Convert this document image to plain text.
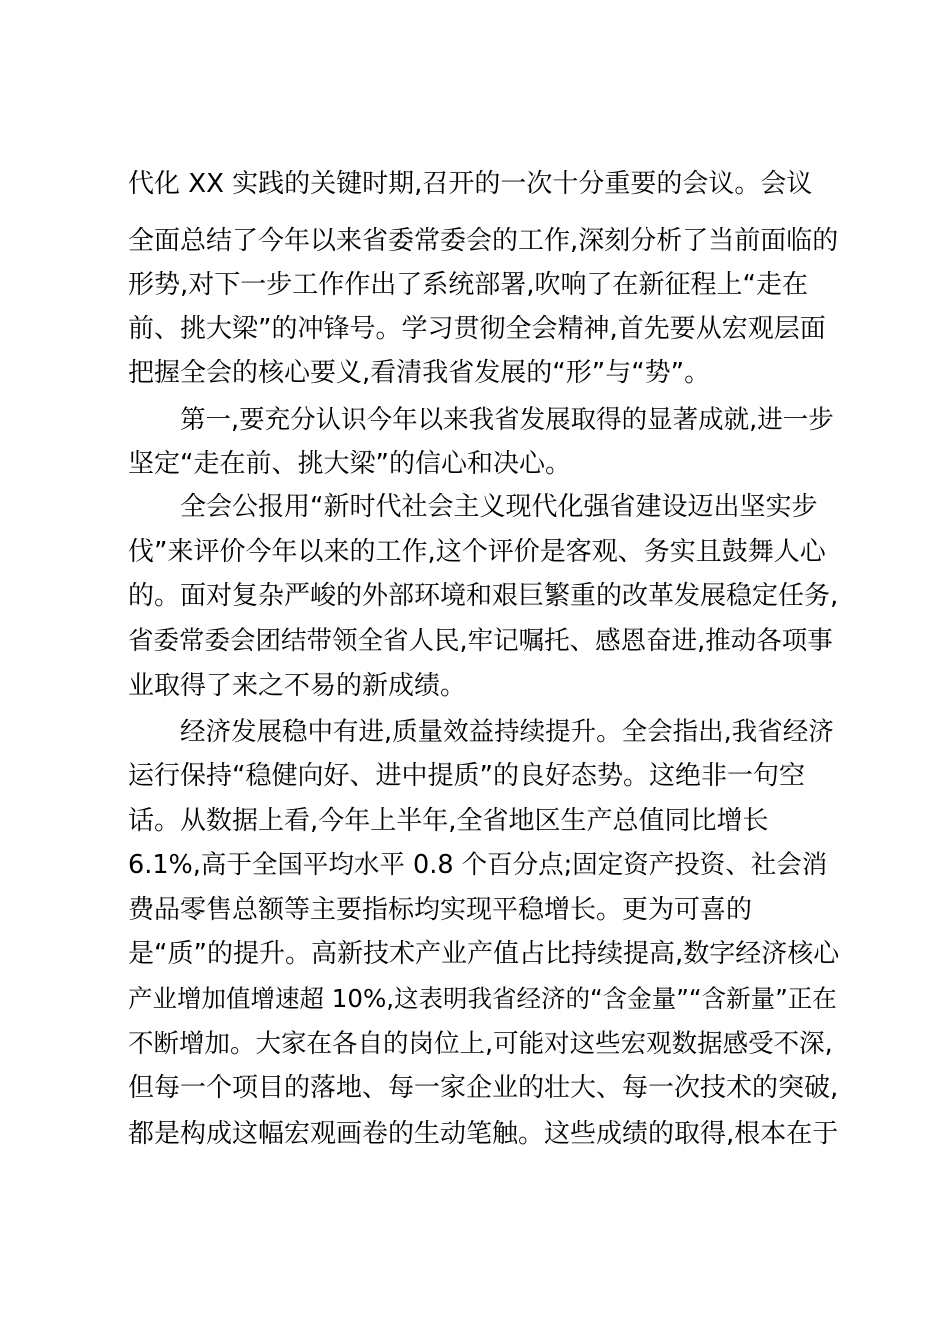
代化 XX 实践的关键时期,召开的一次十分重要的会议。会议
全面总结了今年以来省委常委会的工作,深刻分析了当前面临的
形势,对下一步工作作出了系统部署,吹响了在新征程上“走在
前、挑大梁”的冲锋号。学习贯彻全会精神,首先要从宏观层面
把握全会的核心要义,看清我省发展的“形”与“势”。
第一,要充分认识今年以来我省发展取得的显著成就,进一步
坚定“走在前、挑大梁”的信心和决心。
全会公报用“新时代社会主义现代化强省建设迈出坚实步
伐”来评价今年以来的工作,这个评价是客观、务实且鼓舞人心
的。面对复杂严峻的外部环境和艰巨繁重的改革发展稳定任务,
省委常委会团结带领全省人民,牢记嘱托、感恩奋进,推动各项事
业取得了来之不易的新成绩。
经济发展稳中有进,质量效益持续提升。全会指出,我省经济
运行保持“稳健向好、进中提质”的良好态势。这绝非一句空
话。从数据上看,今年上半年,全省地区生产总值同比增长
6.1%,高于全国平均水平 0.8 个百分点;固定资产投资、社会消
费品零售总额等主要指标均实现平稳增长。更为可喜的
是“质”的提升。高新技术产业产值占比持续提高,数字经济核心
产业增加值增速超 10%,这表明我省经济的“含金量”“含新量”正在
不断增加。大家在各自的岗位上,可能对这些宏观数据感受不深,
但每一个项目的落地、每一家企业的壮大、每一次技术的突破,
都是构成这幅宏观画卷的生动笔触。这些成绩的取得,根本在于
